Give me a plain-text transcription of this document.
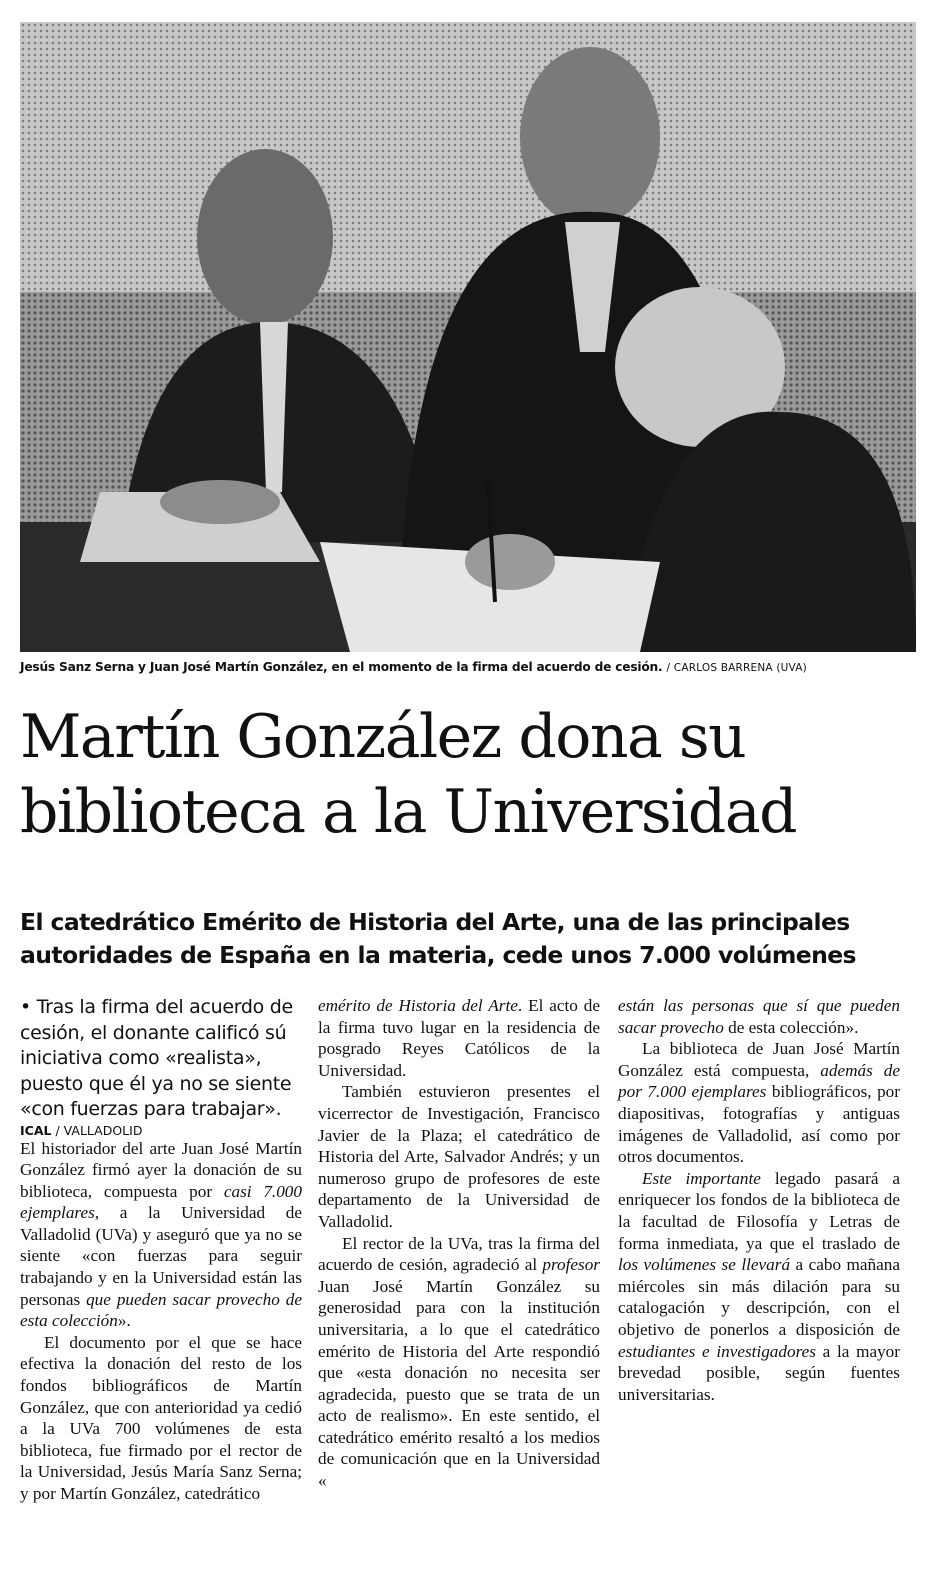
Jesús Sanz Serna y Juan José Martín González, en el momento de la firma del acuerdo de cesión. / CARLOS BARRENA (UVA)
Martín González dona su
biblioteca a la Universidad
El catedrático Emérito de Historia del Arte, una de las principales
autoridades de España en la materia, cede unos 7.000 volúmenes

• Tras la firma del acuerdo de cesión, el donante calificó sú iniciativa como «realista», puesto que él ya no se siente «con fuerzas para trabajar».

ICAL / VALLADOLID

El historiador del arte Juan José Martín González firmó ayer la donación de su biblioteca, compuesta por casi 7.000 ejemplares, a la Universidad de Valladolid (UVa) y aseguró que ya no se siente «con fuerzas para seguir trabajando y en la Universidad están las personas que pueden sacar provecho de esta colección».

El documento por el que se hace efectiva la donación del resto de los fondos bibliográficos de Martín González, que con anterioridad ya cedió a la UVa 700 volúmenes de esta biblioteca, fue firmado por el rector de la Universidad, Jesús María Sanz Serna; y por Martín González, catedrático

emérito de Historia del Arte. El acto de la firma tuvo lugar en la residencia de posgrado Reyes Católicos de la Universidad.

También estuvieron presentes el vicerrector de Investigación, Francisco Javier de la Plaza; el catedrático de Historia del Arte, Salvador Andrés; y un numeroso grupo de profesores de este departamento de la Universidad de Valladolid.

El rector de la UVa, tras la firma del acuerdo de cesión, agradeció al profesor Juan José Martín González su generosidad para con la institución universitaria, a lo que el catedrático emérito de Historia del Arte respondió que «esta donación no necesita ser agradecida, puesto que se trata de un acto de realismo». En este sentido, el catedrático emérito resaltó a los medios de comunicación que en la Universidad «

están las personas que sí que pueden sacar provecho de esta colección».

La biblioteca de Juan José Martín González está compuesta, además de por 7.000 ejemplares bibliográficos, por diapositivas, fotografías y antiguas imágenes de Valladolid, así como por otros documentos.

Este importante legado pasará a enriquecer los fondos de la biblioteca de la facultad de Filosofía y Letras de forma inmediata, ya que el traslado de los volúmenes se llevará a cabo mañana miércoles sin más dilación para su catalogación y descripción, con el objetivo de ponerlos a disposición de estudiantes e investigadores a la mayor brevedad posible, según fuentes universitarias.
